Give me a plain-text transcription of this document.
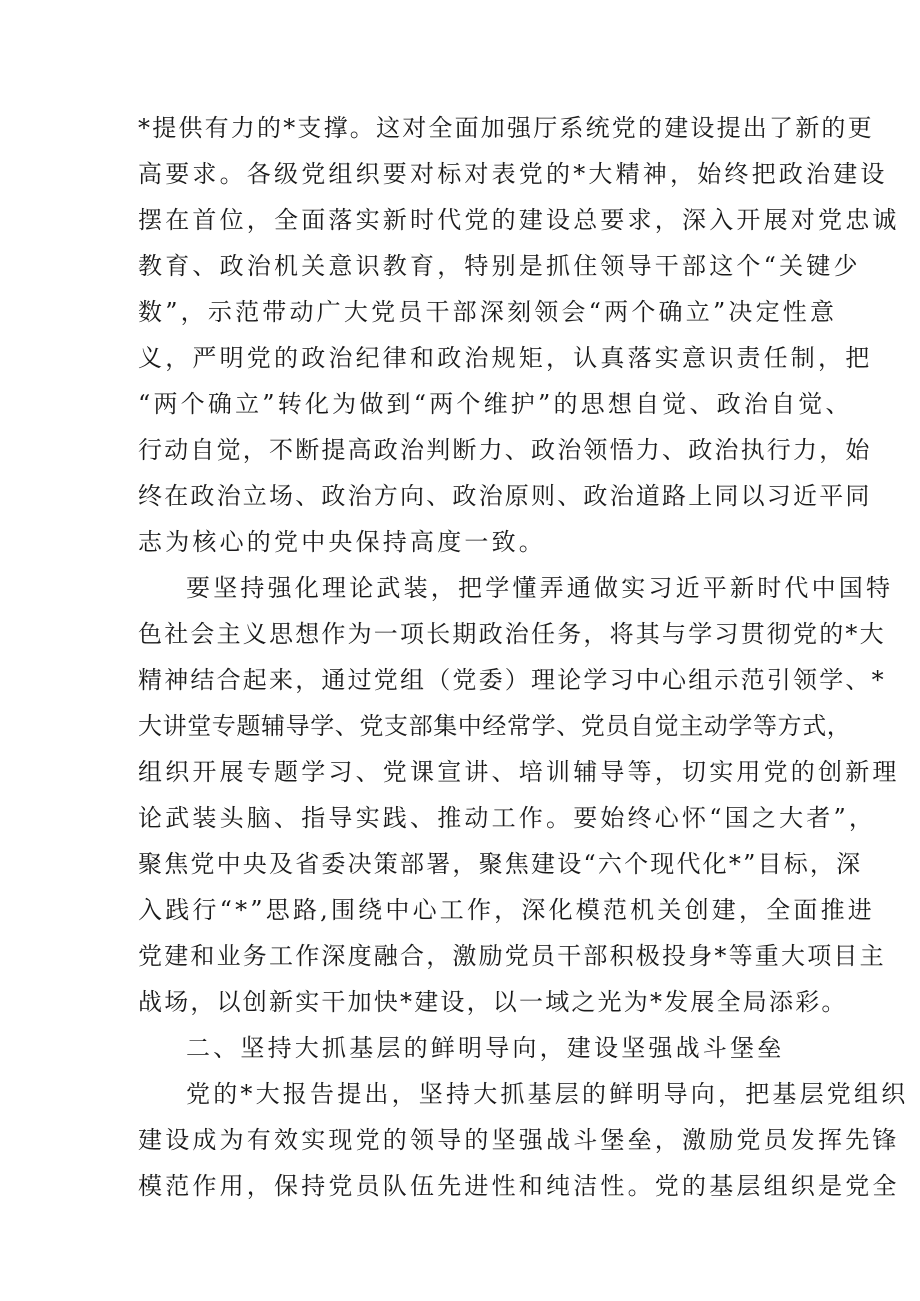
*提供有力的*支撑。这对全面加强厅系统党的建设提出了新的更
高要求。各级党组织要对标对表党的*大精神，始终把政治建设
摆在首位，全面落实新时代党的建设总要求，深入开展对党忠诚
教育、政治机关意识教育，特别是抓住领导干部这个“关键少
数”，示范带动广大党员干部深刻领会“两个确立”决定性意
义，严明党的政治纪律和政治规矩，认真落实意识责任制，把
“两个确立”转化为做到“两个维护”的思想自觉、政治自觉、
行动自觉，不断提高政治判断力、政治领悟力、政治执行力，始
终在政治立场、政治方向、政治原则、政治道路上同以习近平同
志为核心的党中央保持高度一致。
要坚持强化理论武装，把学懂弄通做实习近平新时代中国特
色社会主义思想作为一项长期政治任务，将其与学习贯彻党的*大
精神结合起来，通过党组（党委）理论学习中心组示范引领学、*
大讲堂专题辅导学、党支部集中经常学、党员自觉主动学等方式，
组织开展专题学习、党课宣讲、培训辅导等，切实用党的创新理
论武装头脑、指导实践、推动工作。要始终心怀“国之大者”，
聚焦党中央及省委决策部署，聚焦建设“六个现代化*”目标，深
入践行“*”思路,围绕中心工作，深化模范机关创建，全面推进
党建和业务工作深度融合，激励党员干部积极投身*等重大项目主
战场，以创新实干加快*建设，以一域之光为*发展全局添彩。
二、坚持大抓基层的鲜明导向，建设坚强战斗堡垒
党的*大报告提出，坚持大抓基层的鲜明导向，把基层党组织
建设成为有效实现党的领导的坚强战斗堡垒，激励党员发挥先锋
模范作用，保持党员队伍先进性和纯洁性。党的基层组织是党全
